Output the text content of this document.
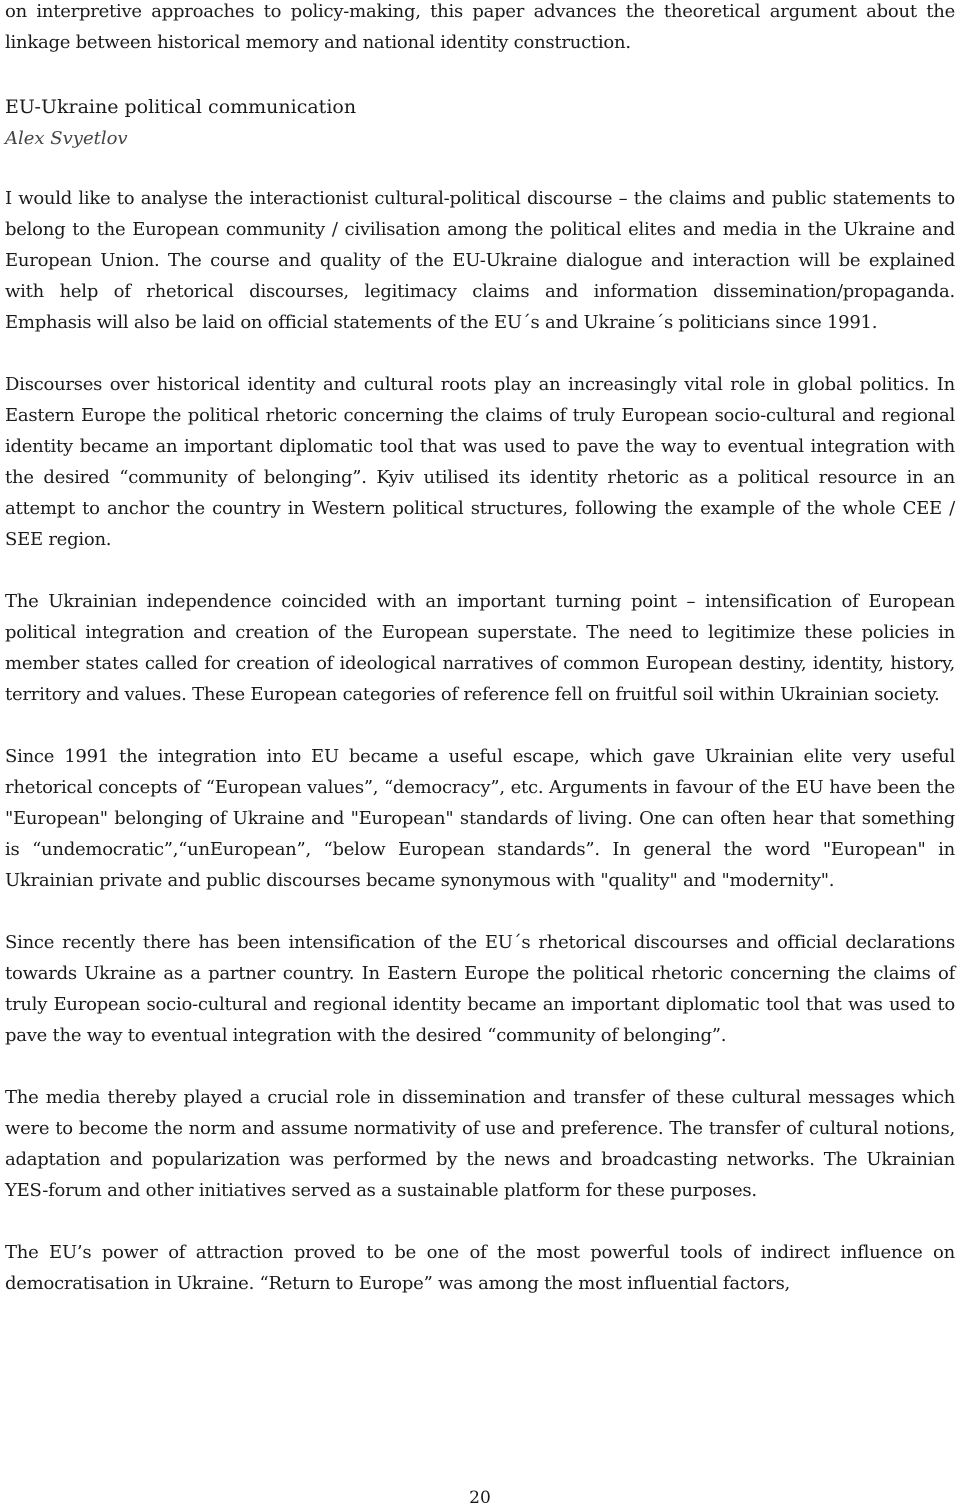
on interpretive approaches to policy-making, this paper advances the theoretical argument about the linkage between historical memory and national identity construction.

EU-Ukraine political communication
Alex Svyetlov

I would like to analyse the interactionist cultural-political discourse – the claims and public statements to belong to the European community / civilisation among the political elites and media in the Ukraine and European Union. The course and quality of the EU-Ukraine dialogue and interaction will be explained with help of rhetorical discourses, legitimacy claims and information dissemination/propaganda. Emphasis will also be laid on official statements of the EU´s and Ukraine´s politicians since 1991.

Discourses over historical identity and cultural roots play an increasingly vital role in global politics. In Eastern Europe the political rhetoric concerning the claims of truly European socio-cultural and regional identity became an important diplomatic tool that was used to pave the way to eventual integration with the desired “community of belonging”. Kyiv utilised its identity rhetoric as a political resource in an attempt to anchor the country in Western political structures, following the example of the whole CEE / SEE region.

The Ukrainian independence coincided with an important turning point – intensification of European political integration and creation of the European superstate. The need to legitimize these policies in member states called for creation of ideological narratives of common European destiny, identity, history, territory and values. These European categories of reference fell on fruitful soil within Ukrainian society.

Since 1991 the integration into EU became a useful escape, which gave Ukrainian elite very useful rhetorical concepts of “European values”, “democracy”, etc. Arguments in favour of the EU have been the "European" belonging of Ukraine and "European" standards of living. One can often hear that something is “undemocratic”,“unEuropean”, “below European standards”. In general the word "European" in Ukrainian private and public discourses became synonymous with "quality" and "modernity".

Since recently there has been intensification of the EU´s rhetorical discourses and official declarations towards Ukraine as a partner country. In Eastern Europe the political rhetoric concerning the claims of truly European socio-cultural and regional identity became an important diplomatic tool that was used to pave the way to eventual integration with the desired “community of belonging”.

The media thereby played a crucial role in dissemination and transfer of these cultural messages which were to become the norm and assume normativity of use and preference. The transfer of cultural notions, adaptation and popularization was performed by the news and broadcasting networks. The Ukrainian YES-forum and other initiatives served as a sustainable platform for these purposes.

The EU’s power of attraction proved to be one of the most powerful tools of indirect influence on democratisation in Ukraine. “Return to Europe” was among the most influential factors,

20
